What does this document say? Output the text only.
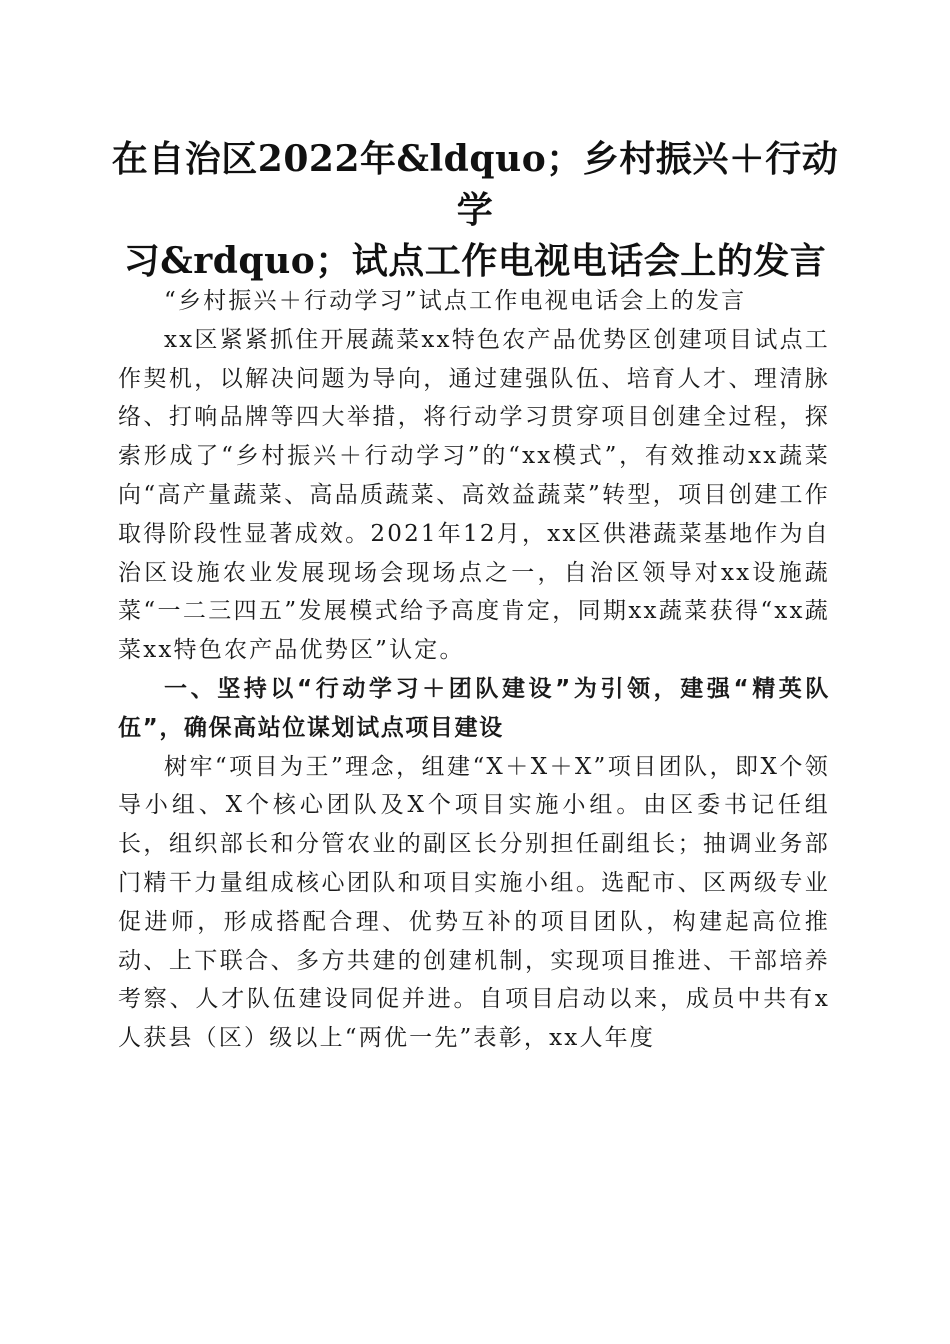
在自治区2022年&ldquo；乡村振兴＋行动学
习&rdquo；试点工作电视电话会上的发言

“乡村振兴＋行动学习”试点工作电视电话会上的发言

xx区紧紧抓住开展蔬菜xx特色农产品优势区创建项目试点工作契机，以解决问题为导向，通过建强队伍、培育人才、理清脉络、打响品牌等四大举措，将行动学习贯穿项目创建全过程，探索形成了“乡村振兴＋行动学习”的“xx模式”，有效推动xx蔬菜向“高产量蔬菜、高品质蔬菜、高效益蔬菜”转型，项目创建工作取得阶段性显著成效。2021年12月，xx区供港蔬菜基地作为自治区设施农业发展现场会现场点之一，自治区领导对xx设施蔬菜“一二三四五”发展模式给予高度肯定，同期xx蔬菜获得“xx蔬菜xx特色农产品优势区”认定。

一、坚持以“行动学习＋团队建设”为引领，建强“精英队伍”，确保高站位谋划试点项目建设

树牢“项目为王”理念，组建“X＋X＋X”项目团队，即X个领导小组、X个核心团队及X个项目实施小组。由区委书记任组长，组织部长和分管农业的副区长分别担任副组长；抽调业务部门精干力量组成核心团队和项目实施小组。选配市、区两级专业促进师，形成搭配合理、优势互补的项目团队，构建起高位推动、上下联合、多方共建的创建机制，实现项目推进、干部培养考察、人才队伍建设同促并进。自项目启动以来，成员中共有x人获县（区）级以上“两优一先”表彰，xx人年度
